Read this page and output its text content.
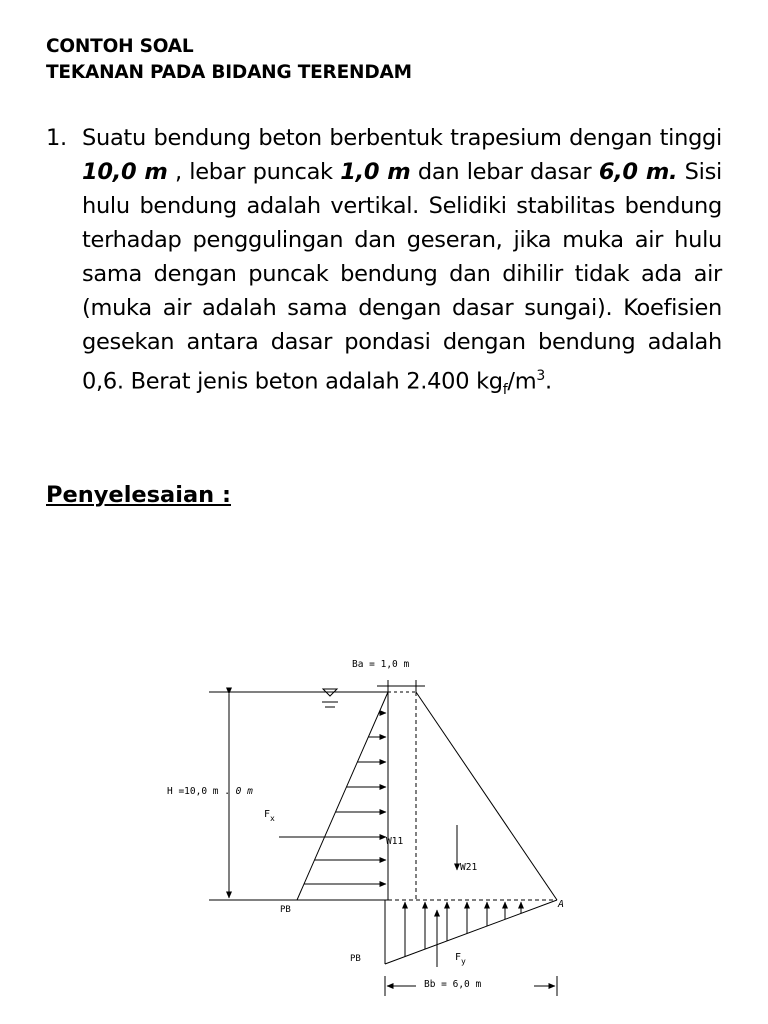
CONTOH SOAL
TEKANAN PADA BIDANG TERENDAM
1. Suatu bendung beton berbentuk trapesium dengan tinggi 10,0 m , lebar puncak 1,0 m dan lebar dasar 6,0 m. Sisi hulu bendung adalah vertikal. Selidiki stabilitas bendung terhadap penggulingan dan geseran, jika muka air hulu sama dengan puncak bendung dan dihilir tidak ada air (muka air adalah sama dengan dasar sungai). Koefisien gesekan antara dasar pondasi dengan bendung adalah 0,6. Berat jenis beton adalah 2.400 $kg_f/m^3$.
Penyelesaian :
Ba = 1,0 m
H =10,0 m . 0 m
$F_x$
W11
W21
PB
PB
A
$F_y$
Bb = 6,0 m
